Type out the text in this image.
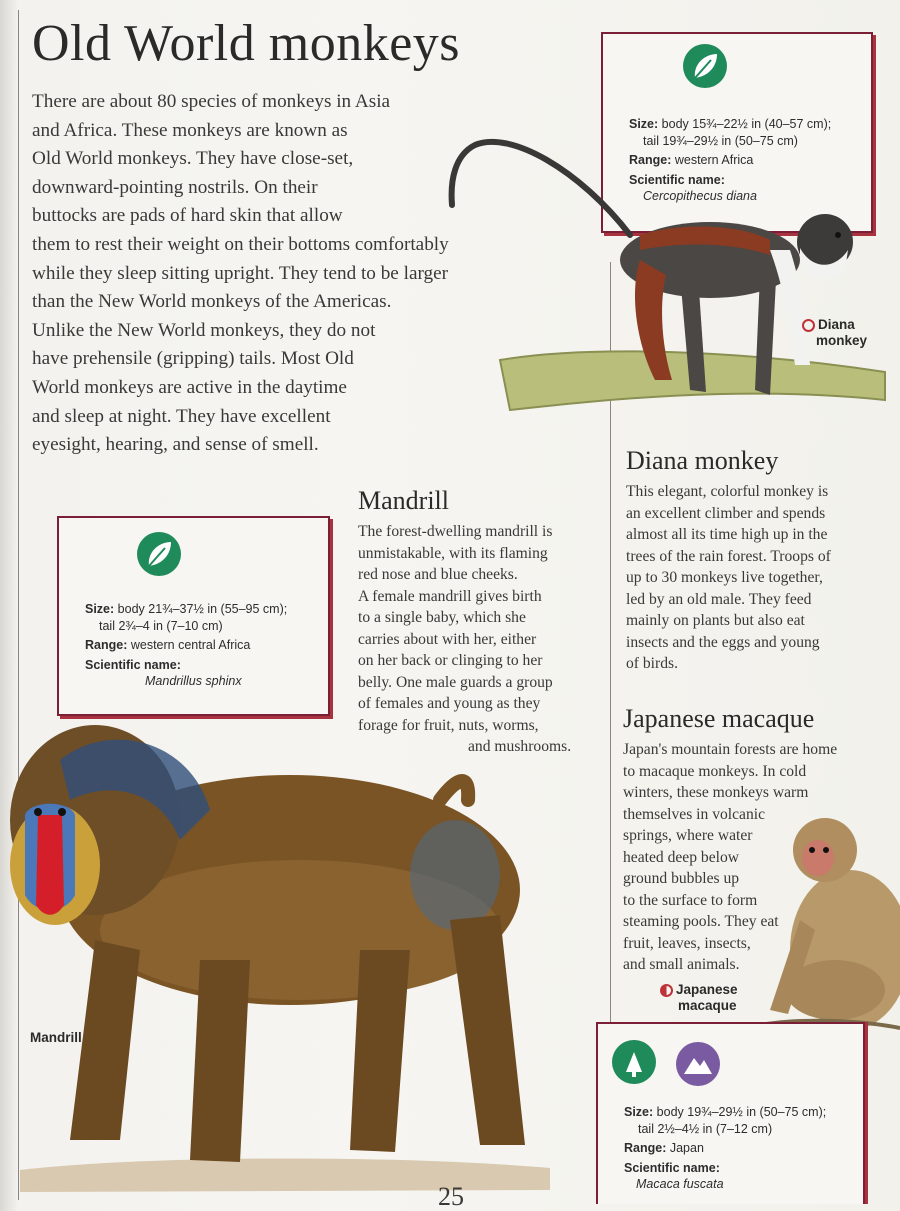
Old World monkeys
There are about 80 species of monkeys in Asia
and Africa. These monkeys are known as
Old World monkeys. They have close-set,
downward-pointing nostrils. On their
buttocks are pads of hard skin that allow
them to rest their weight on their bottoms comfortably
while they sleep sitting upright. They tend to be larger
than the New World monkeys of the Americas.
Unlike the New World monkeys, they do not
have prehensile (gripping) tails. Most Old
World monkeys are active in the daytime
and sleep at night. They have excellent
eyesight, hearing, and sense of smell.
Size: body 15¾–22½ in (40–57 cm);
tail 19¾–29½ in (50–75 cm)
Range: western Africa
Scientific name:
Cercopithecus diana
Diana
monkey
Diana monkey
This elegant, colorful monkey is
an excellent climber and spends
almost all its time high up in the
trees of the rain forest. Troops of
up to 30 monkeys live together,
led by an old male. They feed
mainly on plants but also eat
insects and the eggs and young
of birds.
Size: body 21¾–37½ in (55–95 cm);
tail 2¾–4 in (7–10 cm)
Range: western central Africa
Scientific name:
Mandrillus sphinx
Mandrill
The forest-dwelling mandrill is
unmistakable, with its flaming
red nose and blue cheeks.
A female mandrill gives birth
to a single baby, which she
carries about with her, either
on her back or clinging to her
belly. One male guards a group
of females and young as they
forage for fruit, nuts, worms,
and mushrooms.
Mandrill
Japanese macaque
Japan's mountain forests are home
to macaque monkeys. In cold
winters, these monkeys warm
themselves in volcanic
springs, where water
heated deep below
ground bubbles up
to the surface to form
steaming pools. They eat
fruit, leaves, insects,
and small animals.
Japanese
macaque
Size: body 19¾–29½ in (50–75 cm);
tail 2½–4½ in (7–12 cm)
Range: Japan
Scientific name:
Macaca fuscata
25
